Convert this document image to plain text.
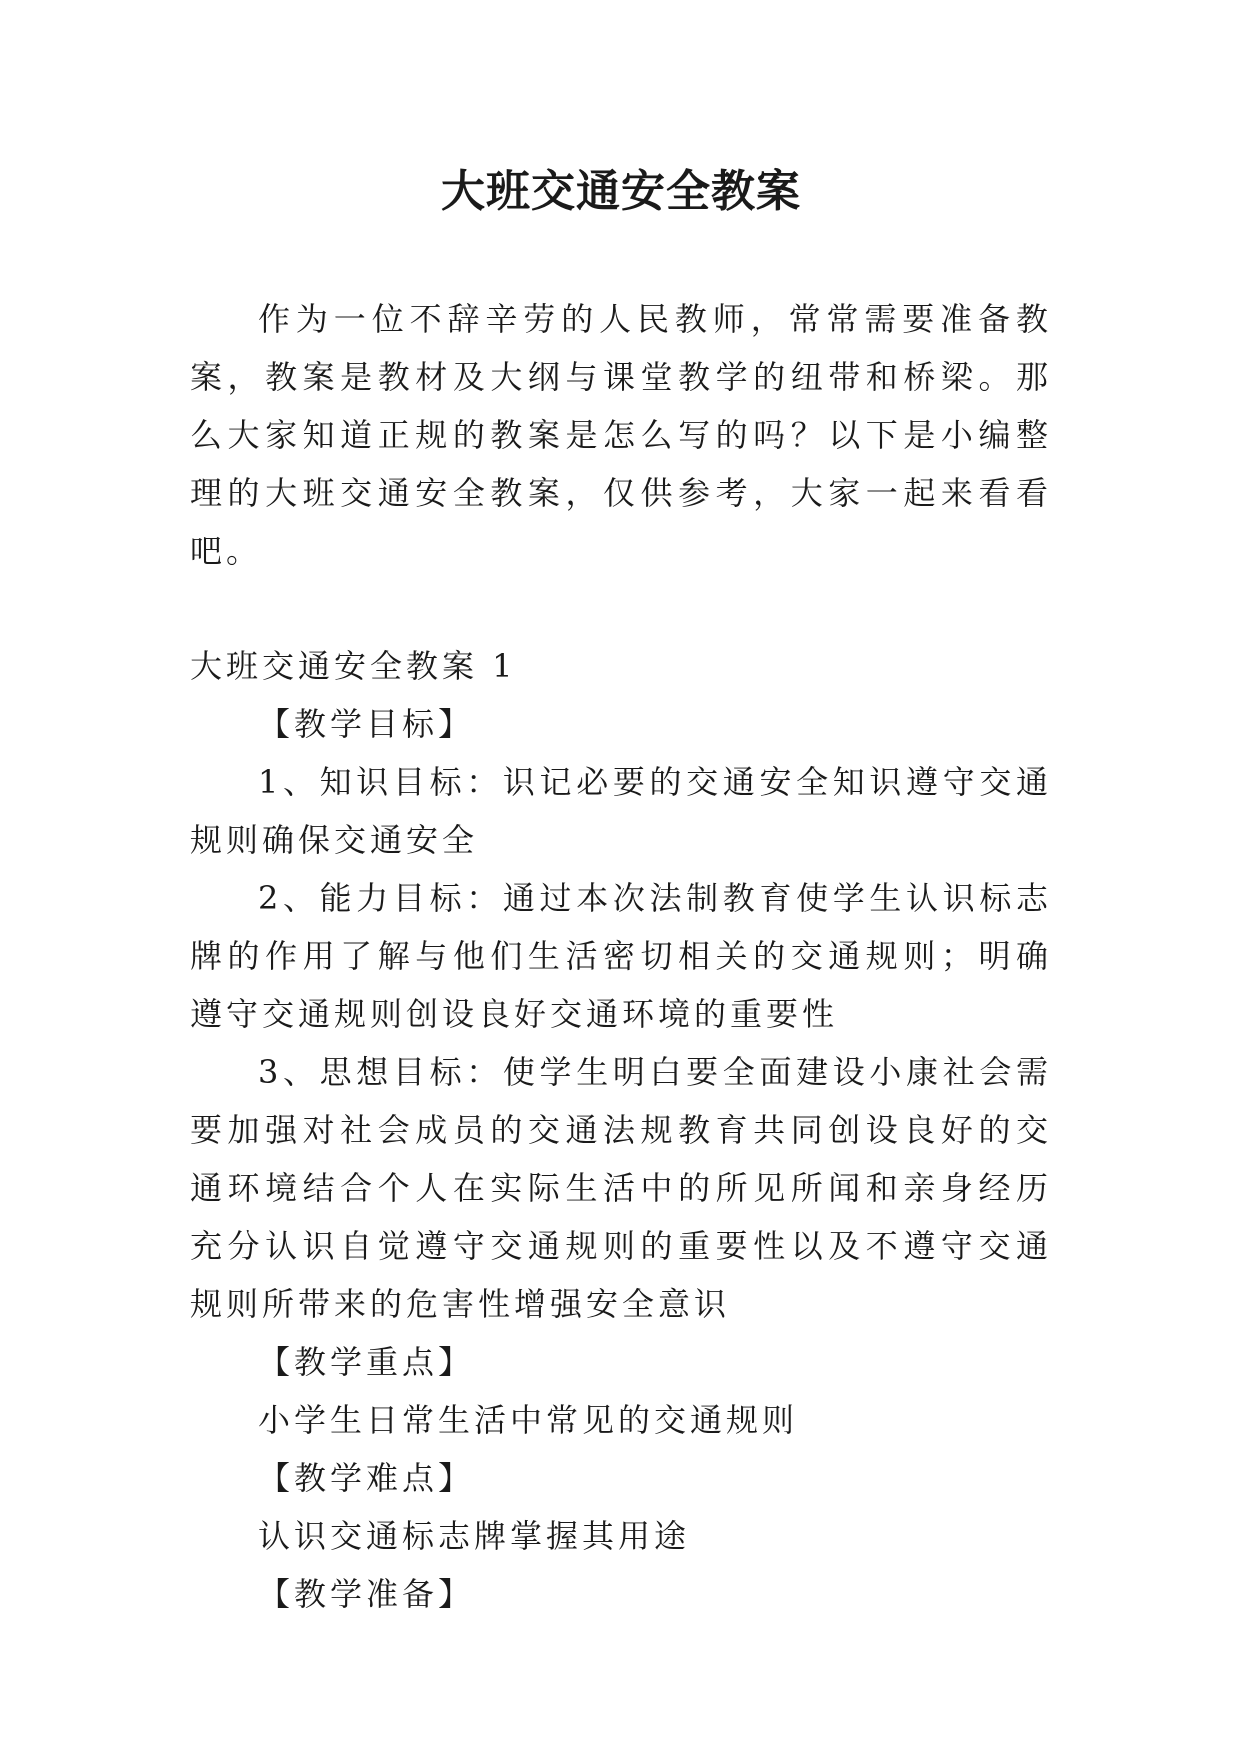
大班交通安全教案

作为一位不辞辛劳的人民教师，常常需要准备教案，教案是教材及大纲与课堂教学的纽带和桥梁。那么大家知道正规的教案是怎么写的吗？以下是小编整理的大班交通安全教案，仅供参考，大家一起来看看吧。

大班交通安全教案 1

【教学目标】

1、知识目标：识记必要的交通安全知识遵守交通规则确保交通安全

2、能力目标：通过本次法制教育使学生认识标志牌的作用了解与他们生活密切相关的交通规则；明确遵守交通规则创设良好交通环境的重要性

3、思想目标：使学生明白要全面建设小康社会需要加强对社会成员的交通法规教育共同创设良好的交通环境结合个人在实际生活中的所见所闻和亲身经历充分认识自觉遵守交通规则的重要性以及不遵守交通规则所带来的危害性增强安全意识

【教学重点】

小学生日常生活中常见的交通规则

【教学难点】

认识交通标志牌掌握其用途

【教学准备】
